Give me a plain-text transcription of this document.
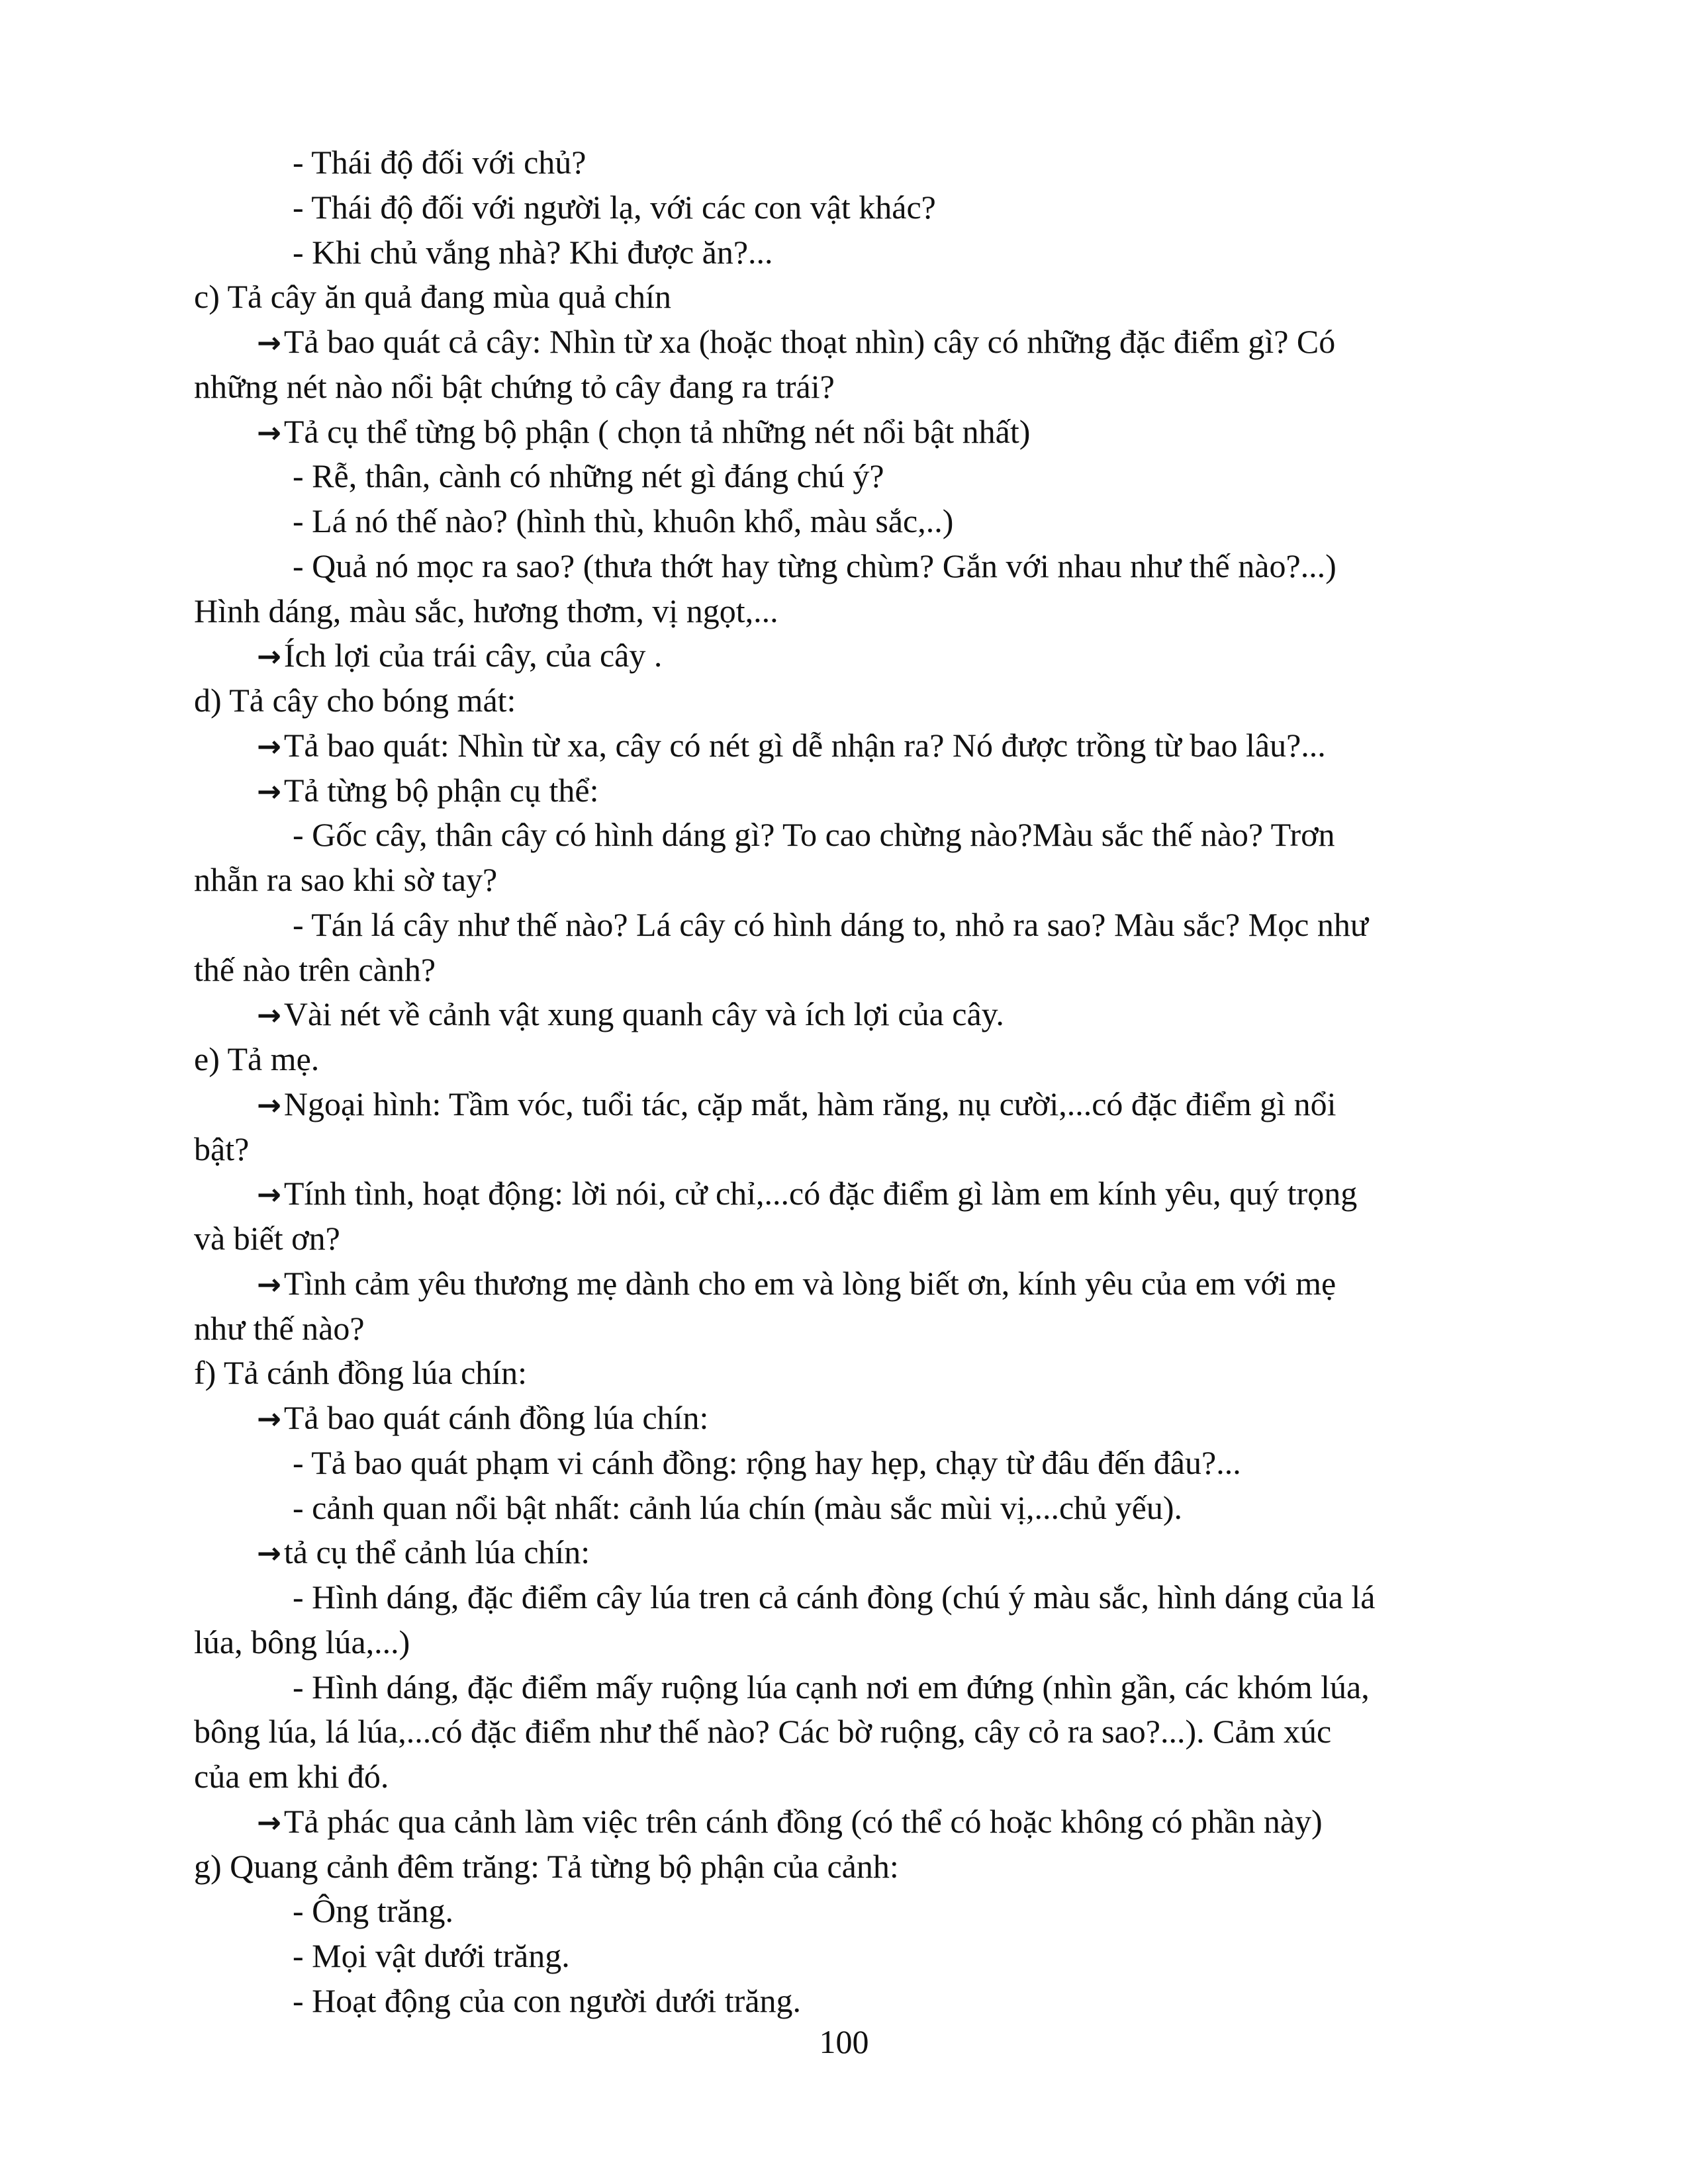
- Thái độ đối với chủ?

- Thái độ đối với người lạ, với các con vật khác?

- Khi chủ vắng nhà? Khi được ăn?...

c) Tả cây ăn quả đang mùa quả chín

→Tả bao quát cả cây: Nhìn từ xa (hoặc thoạt nhìn) cây có những đặc điểm gì? Có

những nét nào nổi bật chứng tỏ cây đang ra trái?

→Tả cụ thể từng bộ phận ( chọn tả những nét nổi bật nhất)

- Rễ, thân, cành có những nét gì đáng chú ý?

- Lá nó thế nào? (hình thù, khuôn khổ, màu sắc,..)

- Quả nó mọc ra sao? (thưa thớt hay từng chùm? Gắn với nhau như thế nào?...)

Hình dáng, màu sắc, hương thơm, vị ngọt,...

→Ích lợi của trái cây, của cây .

d) Tả cây cho bóng mát:

→Tả bao quát: Nhìn từ xa, cây có nét gì dễ nhận ra? Nó được trồng từ bao lâu?...

→Tả từng bộ phận cụ thể:

- Gốc cây, thân cây có hình dáng gì? To cao chừng nào?Màu sắc thế nào? Trơn

nhẵn ra sao khi sờ tay?

- Tán lá cây như thế nào? Lá cây có hình dáng to, nhỏ ra sao? Màu sắc? Mọc như

thế nào trên cành?

→Vài nét về cảnh vật xung quanh cây và ích lợi của cây.

e) Tả mẹ.

→Ngoại hình: Tầm vóc, tuổi tác, cặp mắt, hàm răng, nụ cười,...có đặc điểm gì nổi

bật?

→Tính tình, hoạt động: lời nói, cử chỉ,...có đặc điểm gì làm em kính yêu, quý trọng

và biết ơn?

→Tình cảm yêu thương mẹ dành cho em và lòng biết ơn, kính yêu của em với mẹ

như thế nào?

f) Tả cánh đồng lúa chín:

→Tả bao quát cánh đồng lúa chín:

- Tả bao quát phạm vi cánh đồng: rộng hay hẹp, chạy từ đâu đến đâu?...

- cảnh quan nổi bật nhất: cảnh lúa chín (màu sắc mùi vị,...chủ yếu).

→tả cụ thể cảnh lúa chín:

- Hình dáng, đặc điểm cây lúa tren cả cánh đòng (chú ý màu sắc, hình dáng của lá

lúa, bông lúa,...)

- Hình dáng, đặc điểm mấy ruộng lúa cạnh nơi em đứng (nhìn gần, các khóm lúa,

bông lúa, lá lúa,...có đặc điểm như thế nào? Các bờ ruộng, cây cỏ ra sao?...). Cảm xúc

của em khi đó.

→Tả phác qua cảnh làm việc trên cánh đồng (có thể có hoặc không có phần này)

g) Quang cảnh đêm trăng: Tả từng bộ phận của cảnh:

- Ông trăng.

- Mọi vật dưới trăng.

- Hoạt động của con người dưới trăng.

100
